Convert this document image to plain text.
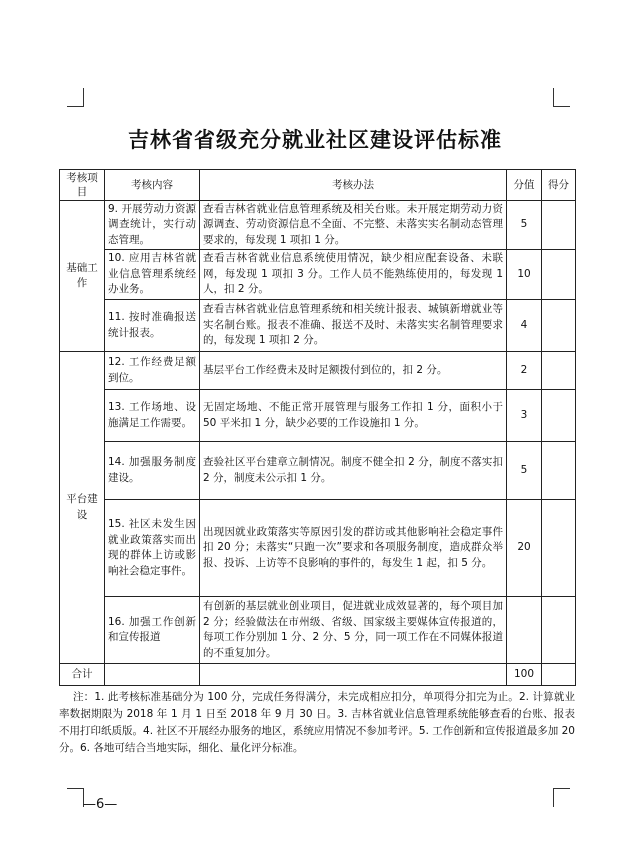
吉林省省级充分就业社区建设评估标准
考核项目	考核内容	考核办法	分值	得分
基础工作	9. 开展劳动力资源调查统计，实行动态管理。	查看吉林省就业信息管理系统及相关台账。未开展定期劳动力资源调查、劳动资源信息不全面、不完整、未落实实名制动态管理要求的，每发现 1 项扣 1 分。	5	
	10. 应用吉林省就业信息管理系统经办业务。	查看吉林省就业信息系统使用情况，缺少相应配套设备、未联网，每发现 1 项扣 3 分。工作人员不能熟练使用的，每发现 1 人，扣 2 分。	10	
	11. 按时准确报送统计报表。	查看吉林省就业信息管理系统和相关统计报表、城镇新增就业等实名制台账。报表不准确、报送不及时、未落实实名制管理要求的，每发现 1 项扣 2 分。	4	
平台建设	12. 工作经费足额到位。	基层平台工作经费未及时足额拨付到位的，扣 2 分。	2	
	13. 工作场地、设施满足工作需要。	无固定场地、不能正常开展管理与服务工作扣 1 分，面积小于 50 平米扣 1 分，缺少必要的工作设施扣 1 分。	3	
	14. 加强服务制度建设。	查验社区平台建章立制情况。制度不健全扣 2 分，制度不落实扣 2 分，制度未公示扣 1 分。	5	
	15. 社区未发生因就业政策落实而出现的群体上访或影响社会稳定事件。	出现因就业政策落实等原因引发的群访或其他影响社会稳定事件扣 20 分；未落实“只跑一次”要求和各项服务制度，造成群众举报、投诉、上访等不良影响的事件的，每发生 1 起，扣 5 分。	20	
	16. 加强工作创新和宣传报道	有创新的基层就业创业项目，促进就业成效显著的，每个项目加 2 分；经验做法在市州级、省级、国家级主要媒体宣传报道的，每项工作分别加 1 分、2 分、5 分，同一项工作在不同媒体报道的不重复加分。		
合计			100	
注：1. 此考核标准基础分为 100 分，完成任务得满分，未完成相应扣分，单项得分扣完为止。2. 计算就业率数据期限为 2018 年 1 月 1 日至 2018 年 9 月 30 日。3. 吉林省就业信息管理系统能够查看的台账、报表不用打印纸质版。4. 社区不开展经办服务的地区，系统应用情况不参加考评。5. 工作创新和宣传报道最多加 20 分。6. 各地可结合当地实际，细化、量化评分标准。
—6—
